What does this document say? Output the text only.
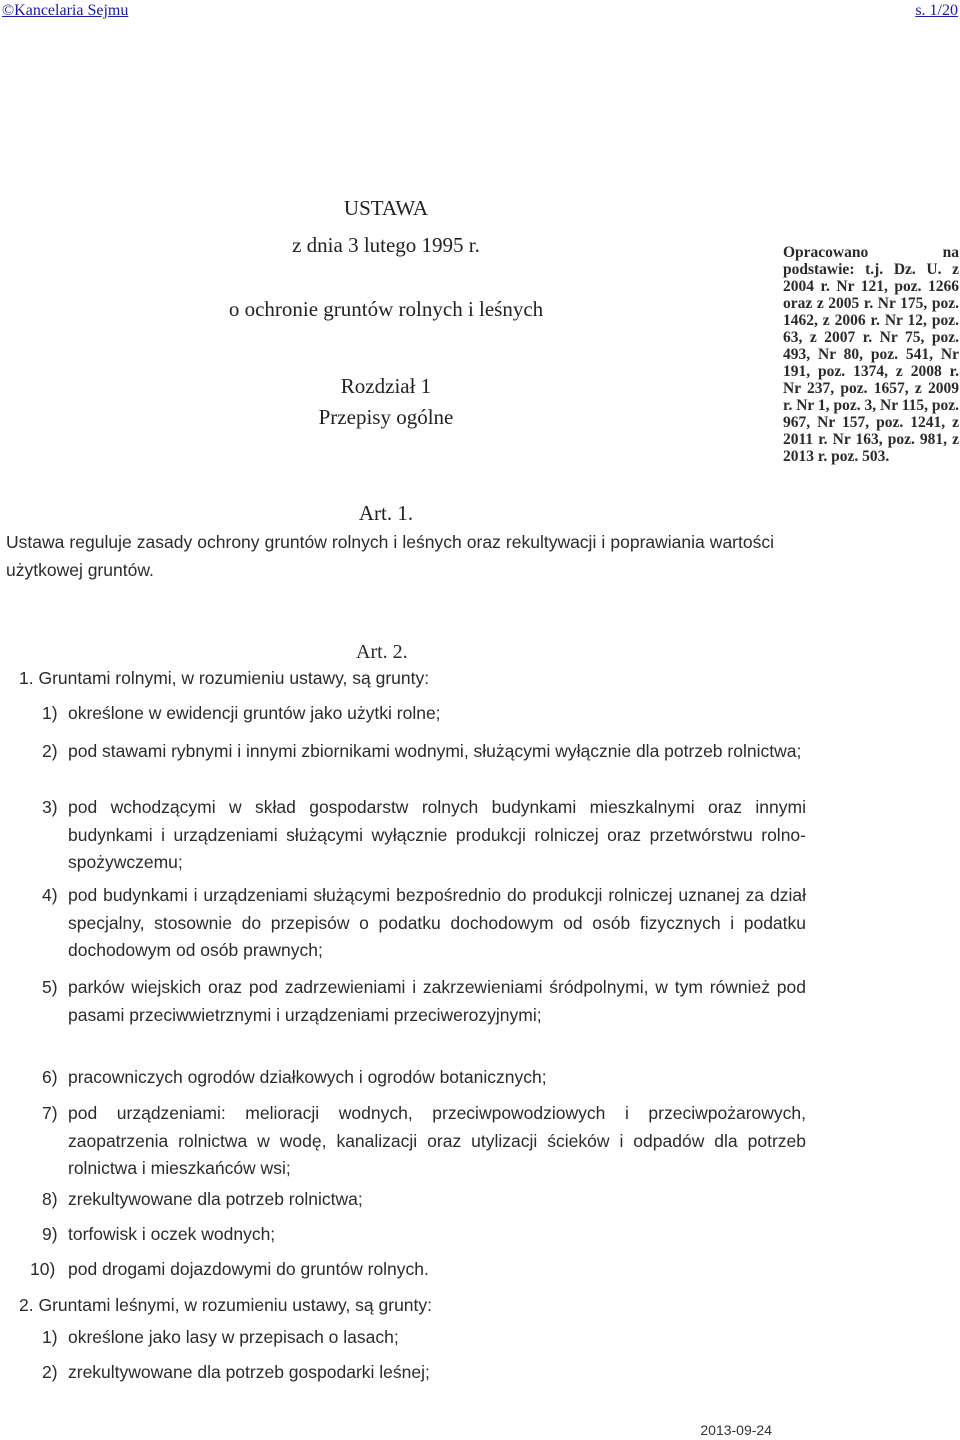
©Kancelaria Sejmu	s. 1/20
USTAWA
z dnia 3 lutego 1995 r.
o ochronie gruntów rolnych i leśnych
Rozdział 1
Przepisy ogólne
Opracowano na podstawie: t.j. Dz. U. z 2004 r. Nr 121, poz. 1266 oraz z 2005 r. Nr 175, poz. 1462, z 2006 r. Nr 12, poz. 63, z 2007 r. Nr 75, poz. 493, Nr 80, poz. 541, Nr 191, poz. 1374, z 2008 r. Nr 237, poz. 1657, z 2009 r. Nr 1, poz. 3, Nr 115, poz. 967, Nr 157, poz. 1241, z 2011 r. Nr 163, poz. 981, z 2013 r. poz. 503.
Art. 1.
Ustawa reguluje zasady ochrony gruntów rolnych i leśnych oraz rekultywacji i poprawiania wartości użytkowej gruntów.
Art. 2.
1. Gruntami rolnymi, w rozumieniu ustawy, są grunty:
1) określone w ewidencji gruntów jako użytki rolne;
2) pod stawami rybnymi i innymi zbiornikami wodnymi, służącymi wyłącznie dla potrzeb rolnictwa;
3) pod wchodzącymi w skład gospodarstw rolnych budynkami mieszkalnymi oraz innymi budynkami i urządzeniami służącymi wyłącznie produkcji rolniczej oraz przetwórstwu rolno-spożywczemu;
4) pod budynkami i urządzeniami służącymi bezpośrednio do produkcji rolniczej uznanej za dział specjalny, stosownie do przepisów o podatku dochodowym od osób fizycznych i podatku dochodowym od osób prawnych;
5) parków wiejskich oraz pod zadrzewieniami i zakrzewieniami śródpolnymi, w tym również pod pasami przeciwwietrznymi i urządzeniami przeciwerozyjnymi;
6) pracowniczych ogrodów działkowych i ogrodów botanicznych;
7) pod urządzeniami: melioracji wodnych, przeciwpowodziowych i przeciwpożarowych, zaopatrzenia rolnictwa w wodę, kanalizacji oraz utylizacji ścieków i odpadów dla potrzeb rolnictwa i mieszkańców wsi;
8) zrekultywowane dla potrzeb rolnictwa;
9) torfowisk i oczek wodnych;
10) pod drogami dojazdowymi do gruntów rolnych.
2. Gruntami leśnymi, w rozumieniu ustawy, są grunty:
1) określone jako lasy w przepisach o lasach;
2) zrekultywowane dla potrzeb gospodarki leśnej;
2013-09-24
